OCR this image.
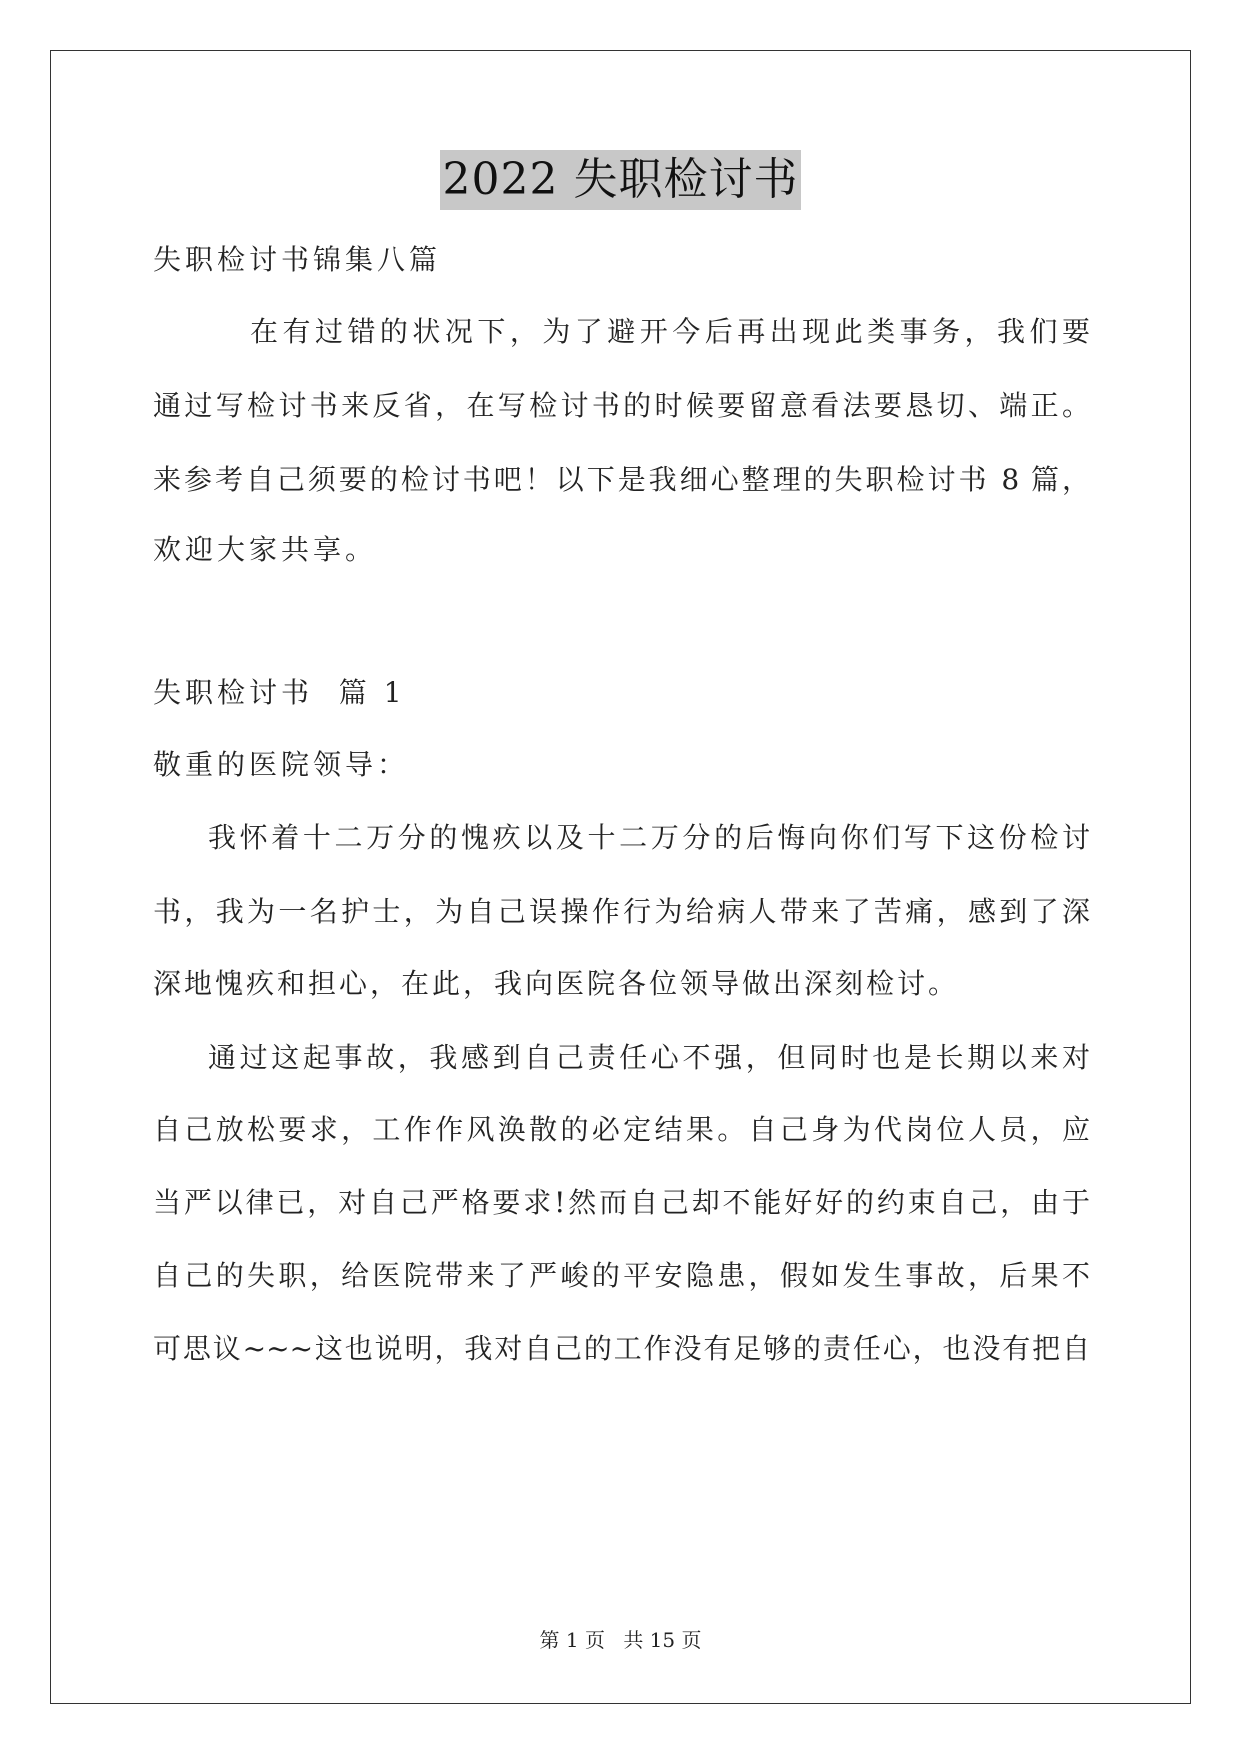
2022 失职检讨书
失职检讨书锦集八篇
在有过错的状况下，为了避开今后再出现此类事务，我们要
通过写检讨书来反省，在写检讨书的时候要留意看法要恳切、端正。
来参考自己须要的检讨书吧！以下是我细心整理的失职检讨书 8 篇，
欢迎大家共享。
失职检讨书  篇 1
敬重的医院领导：
我怀着十二万分的愧疚以及十二万分的后悔向你们写下这份检讨
书，我为一名护士，为自己误操作行为给病人带来了苦痛，感到了深
深地愧疚和担心，在此，我向医院各位领导做出深刻检讨。
通过这起事故，我感到自己责任心不强，但同时也是长期以来对
自己放松要求，工作作风涣散的必定结果。自己身为代岗位人员，应
当严以律已，对自己严格要求!然而自己却不能好好的约束自己，由于
自己的失职，给医院带来了严峻的平安隐患，假如发生事故，后果不
可思议~~~这也说明，我对自己的工作没有足够的责任心，也没有把自
第 1 页 共 15 页
